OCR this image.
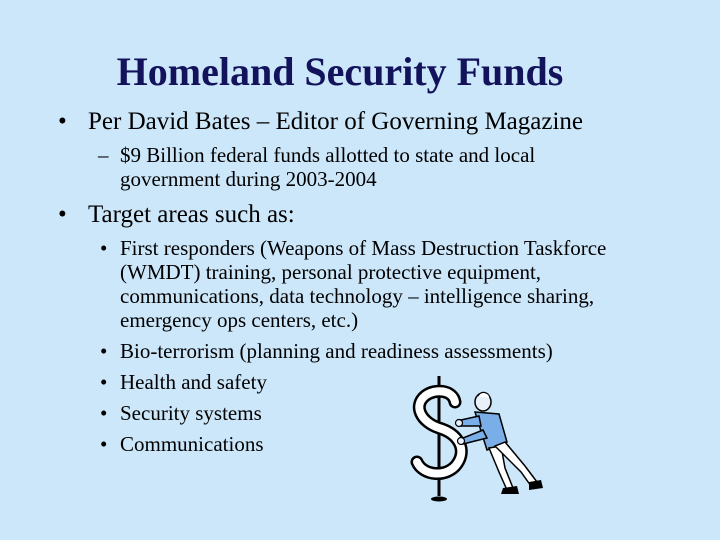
Homeland Security Funds
• Per David Bates – Editor of Governing Magazine
– $9 Billion federal funds allotted to state and local government during 2003-2004
• Target areas such as:
• First responders (Weapons of Mass Destruction Taskforce (WMDT) training, personal protective equipment, communications, data technology – intelligence sharing, emergency ops centers, etc.)
• Bio-terrorism (planning and readiness assessments)
• Health and safety
• Security systems
• Communications
